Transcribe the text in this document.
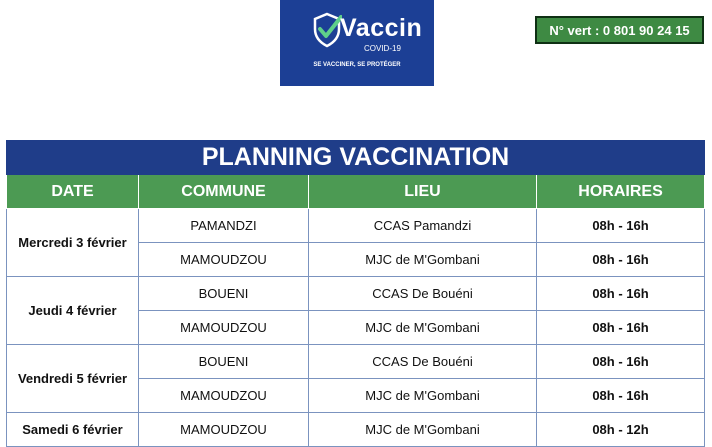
Vaccin
COVID-19
SE VACCINER, SE PROTÉGER
N° vert : 0 801 90 24 15
PLANNING VACCINATION			
DATE	COMMUNE	LIEU	HORAIRES
Mercredi 3 février	PAMANDZI	CCAS Pamandzi	08h - 16h
	MAMOUDZOU	MJC de M'Gombani	08h - 16h
Jeudi 4 février	BOUENI	CCAS De Bouéni	08h - 16h
	MAMOUDZOU	MJC de M'Gombani	08h - 16h
Vendredi 5 février	BOUENI	CCAS De Bouéni	08h - 16h
	MAMOUDZOU	MJC de M'Gombani	08h - 16h
Samedi 6 février	MAMOUDZOU	MJC de M'Gombani	08h - 12h
